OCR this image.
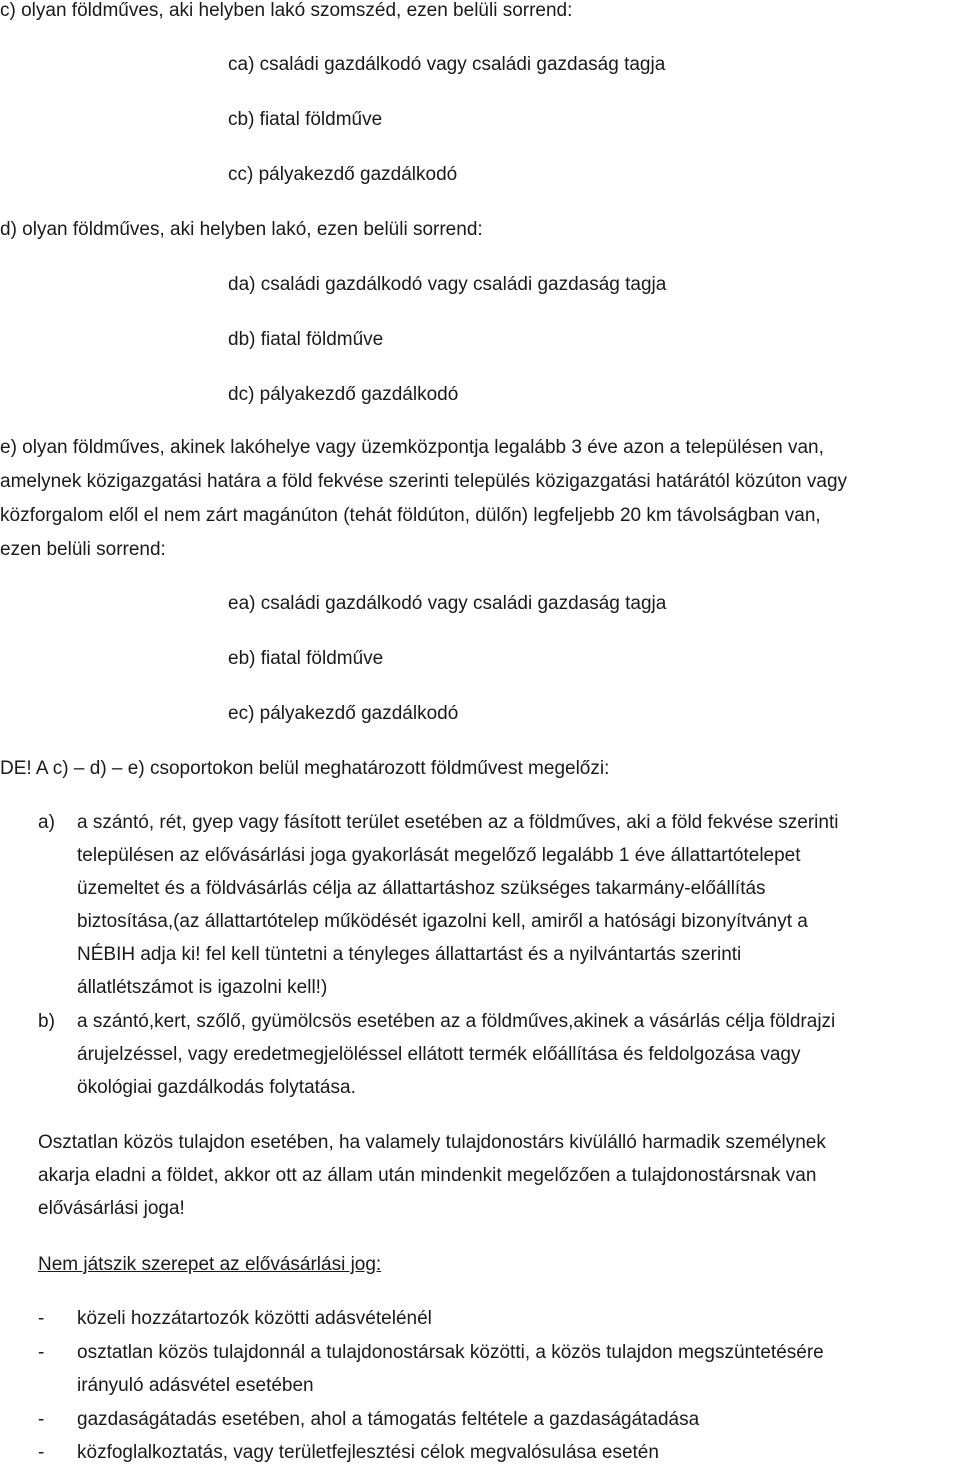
c) olyan földműves, aki helyben lakó szomszéd, ezen belüli sorrend:
ca) családi gazdálkodó vagy családi gazdaság tagja
cb) fiatal földműve
cc) pályakezdő gazdálkodó
d) olyan földműves, aki helyben lakó, ezen belüli sorrend:
da) családi gazdálkodó vagy családi gazdaság tagja
db) fiatal földműve
dc) pályakezdő gazdálkodó
e) olyan földműves, akinek lakóhelye vagy üzemközpontja legalább 3 éve azon a településen van,
amelynek közigazgatási határa a föld fekvése szerinti település közigazgatási határától közúton vagy
közforgalom elől el nem zárt magánúton (tehát földúton, dülőn) legfeljebb 20 km távolságban van,
ezen belüli sorrend:
ea) családi gazdálkodó vagy családi gazdaság tagja
eb) fiatal földműve
ec) pályakezdő gazdálkodó
DE! A c) – d) – e) csoportokon belül meghatározott földművest megelőzi:
a) a szántó, rét, gyep vagy fásított terület esetében az a földműves, aki a föld fekvése szerinti
településen az elővásárlási joga gyakorlását megelőző legalább 1 éve állattartótelepet
üzemeltet és a földvásárlás célja az állattartáshoz szükséges takarmány-előállítás
biztosítása,(az állattartótelep működését igazolni kell, amiről a hatósági bizonyítványt a
NÉBIH adja ki! fel kell tüntetni a tényleges állattartást és a nyilvántartás szerinti
állatlétszámot is igazolni kell!)
b) a szántó,kert, szőlő, gyümölcsös esetében az a földműves,akinek a vásárlás célja földrajzi
árujelzéssel, vagy eredetmegjelöléssel ellátott termék előállítása és feldolgozása vagy
ökológiai gazdálkodás folytatása.
Osztatlan közös tulajdon esetében, ha valamely tulajdonostárs kivülálló harmadik személynek
akarja eladni a földet, akkor ott az állam után mindenkit megelőzően a tulajdonostársnak van
elővásárlási joga!
Nem játszik szerepet az elővásárlási jog:
- közeli hozzátartozók közötti adásvételénél
- osztatlan közös tulajdonnál a tulajdonostársak közötti, a közös tulajdon megszüntetésére
irányuló adásvétel esetében
- gazdaságátadás esetében, ahol a támogatás feltétele a gazdaságátadása
- közfoglalkoztatás, vagy területfejlesztési célok megvalósulása esetén
